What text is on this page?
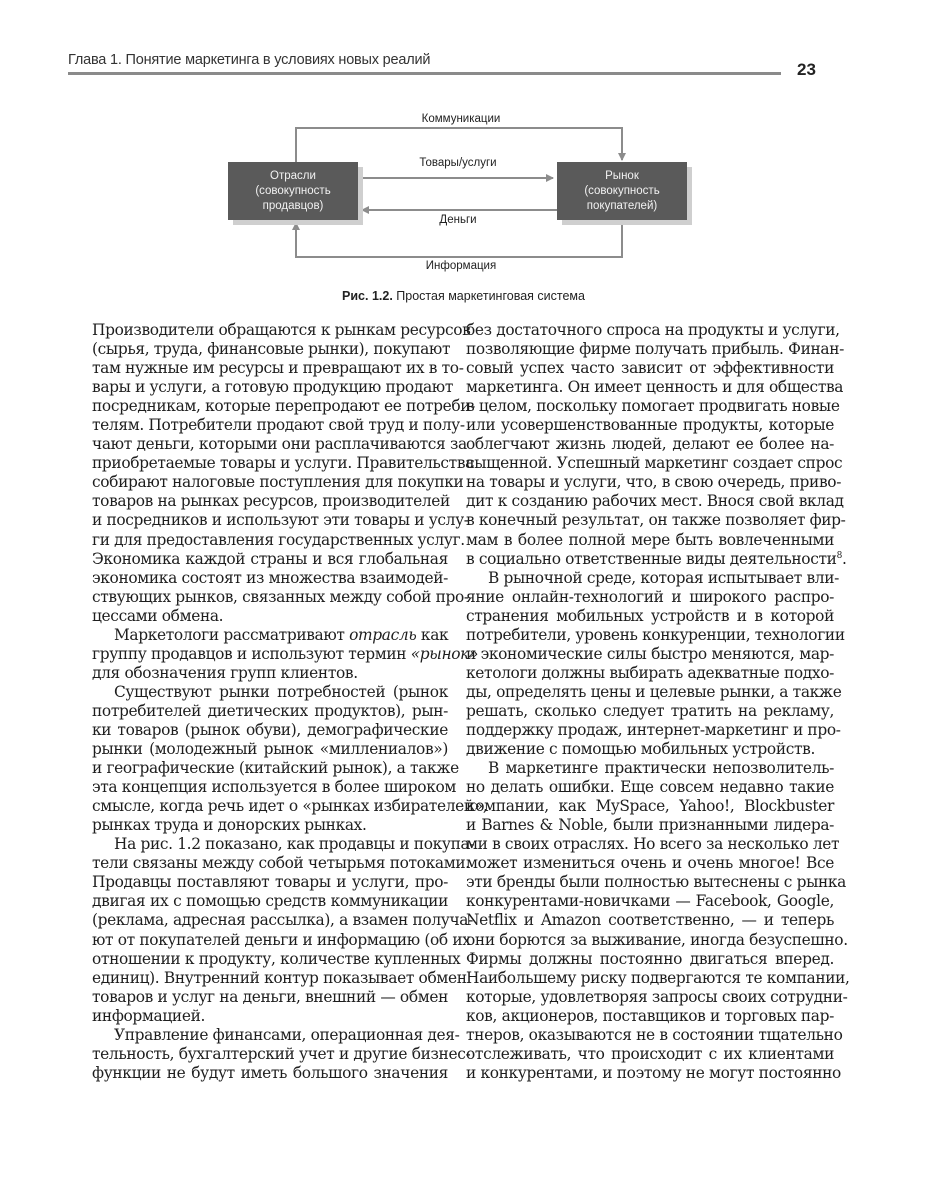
Глава 1. Понятие маркетинга в условиях новых реалий	23
Коммуникации
Товары/услуги
Деньги
Информация
Отрасли
(совокупность
продавцов)
Рынок
(совокупность
покупателей)
Рис. 1.2. Простая маркетинговая система
Производители обращаются к рынкам ресурсов
(сырья, труда, финансовые рынки), покупают
там нужные им ресурсы и превращают их в то-
вары и услуги, а готовую продукцию продают
посредникам, которые перепродают ее потреби-
телям. Потребители продают свой труд и полу-
чают деньги, которыми они расплачиваются за
приобретаемые товары и услуги. Правительства
собирают налоговые поступления для покупки
товаров на рынках ресурсов, производителей
и посредников и используют эти товары и услу-
ги для предоставления государственных услуг.
Экономика каждой страны и вся глобальная
экономика состоят из множества взаимодей-
ствующих рынков, связанных между собой про-
цессами обмена.
Маркетологи рассматривают отрасль как
группу продавцов и используют термин «рынок»
для обозначения групп клиентов.
Существуют рынки потребностей (рынок
потребителей диетических продуктов), рын-
ки товаров (рынок обуви), демографические
рынки (молодежный рынок «миллениалов»)
и географические (китайский рынок), а также
эта концепция используется в более широком
смысле, когда речь идет о «рынках избирателей»,
рынках труда и донорских рынках.
На рис. 1.2 показано, как продавцы и покупа-
тели связаны между собой четырьмя потоками.
Продавцы поставляют товары и услуги, про-
двигая их с помощью средств коммуникации
(реклама, адресная рассылка), а взамен получа-
ют от покупателей деньги и информацию (об их
отношении к продукту, количестве купленных
единиц). Внутренний контур показывает обмен
товаров и услуг на деньги, внешний — обмен
информацией.
Управление финансами, операционная дея-
тельность, бухгалтерский учет и другие бизнес-
функции не будут иметь большого значения
без достаточного спроса на продукты и услуги,
позволяющие фирме получать прибыль. Финан-
совый успех часто зависит от эффективности
маркетинга. Он имеет ценность и для общества
в целом, поскольку помогает продвигать новые
или усовершенствованные продукты, которые
облегчают жизнь людей, делают ее более на-
сыщенной. Успешный маркетинг создает спрос
на товары и услуги, что, в свою очередь, приво-
дит к созданию рабочих мест. Внося свой вклад
в конечный результат, он также позволяет фир-
мам в более полной мере быть вовлеченными
в социально ответственные виды деятельности$^8$.
В рыночной среде, которая испытывает вли-
яние онлайн-технологий и широкого распро-
странения мобильных устройств и в которой
потребители, уровень конкуренции, технологии
и экономические силы быстро меняются, мар-
кетологи должны выбирать адекватные подхо-
ды, определять цены и целевые рынки, а также
решать, сколько следует тратить на рекламу,
поддержку продаж, интернет-маркетинг и про-
движение с помощью мобильных устройств.
В маркетинге практически непозволитель-
но делать ошибки. Еще совсем недавно такие
компании, как MySpace, Yahoo!, Blockbuster
и Barnes & Noble, были признанными лидера-
ми в своих отраслях. Но всего за несколько лет
может измениться очень и очень многое! Все
эти бренды были полностью вытеснены с рынка
конкурентами-новичками — Facebook, Google,
Netflix и Amazon соответственно, — и теперь
они борются за выживание, иногда безуспешно.
Фирмы должны постоянно двигаться вперед.
Наибольшему риску подвергаются те компании,
которые, удовлетворяя запросы своих сотрудни-
ков, акционеров, поставщиков и торговых пар-
тнеров, оказываются не в состоянии тщательно
отслеживать, что происходит с их клиентами
и конкурентами, и поэтому не могут постоянно
